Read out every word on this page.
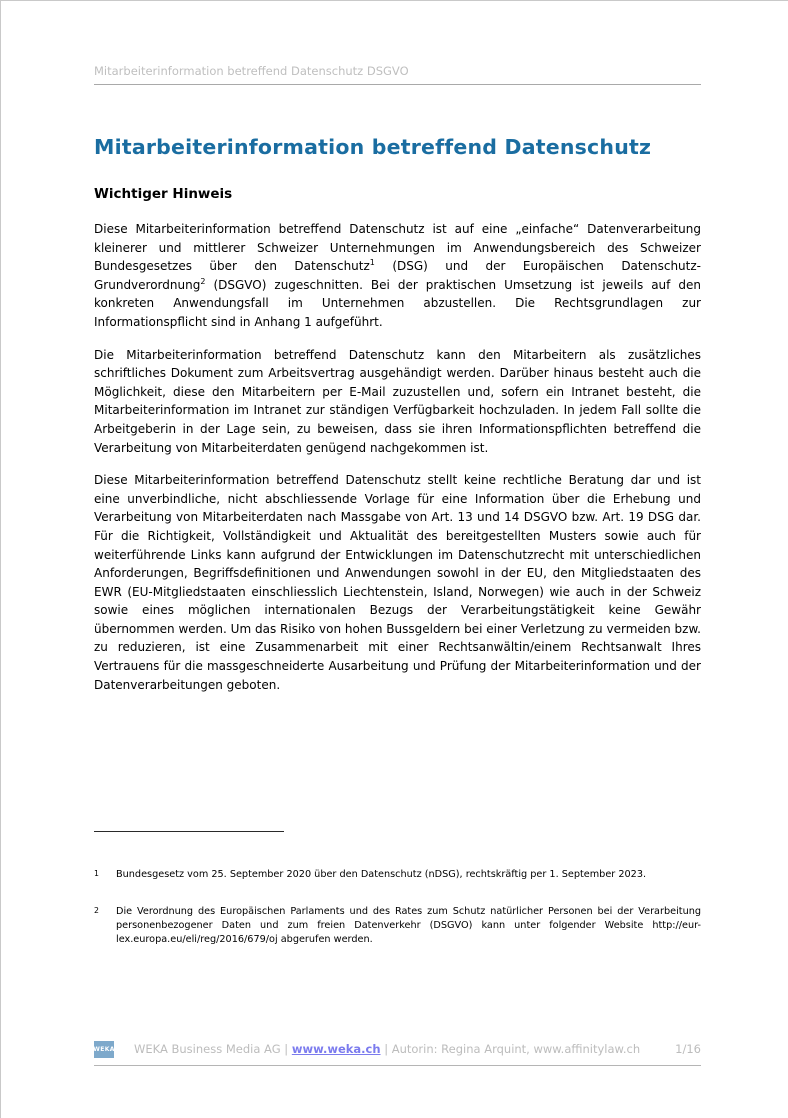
Mitarbeiterinformation betreffend Datenschutz DSGVO
Mitarbeiterinformation betreffend Datenschutz
Wichtiger Hinweis

Diese Mitarbeiterinformation betreffend Datenschutz ist auf eine „einfache“ Datenverarbeitung kleinerer und mittlerer Schweizer Unternehmungen im Anwendungsbereich des Schweizer Bundesgesetzes über den Datenschutz$^1$ (DSG) und der Europäischen Datenschutz-Grundverordnung$^2$ (DSGVO) zugeschnitten. Bei der praktischen Umsetzung ist jeweils auf den konkreten Anwendungsfall im Unternehmen abzustellen. Die Rechtsgrundlagen zur Informationspflicht sind in Anhang 1 aufgeführt.

Die Mitarbeiterinformation betreffend Datenschutz kann den Mitarbeitern als zusätzliches schriftliches Dokument zum Arbeitsvertrag ausgehändigt werden. Darüber hinaus besteht auch die Möglichkeit, diese den Mitarbeitern per E-Mail zuzustellen und, sofern ein Intranet besteht, die Mitarbeiterinformation im Intranet zur ständigen Verfügbarkeit hochzuladen. In jedem Fall sollte die Arbeitgeberin in der Lage sein, zu beweisen, dass sie ihren Informationspflichten betreffend die Verarbeitung von Mitarbeiterdaten genügend nachgekommen ist.

Diese Mitarbeiterinformation betreffend Datenschutz stellt keine rechtliche Beratung dar und ist eine unverbindliche, nicht abschliessende Vorlage für eine Information über die Erhebung und Verarbeitung von Mitarbeiterdaten nach Massgabe von Art. 13 und 14 DSGVO bzw. Art. 19 DSG dar. Für die Richtigkeit, Vollständigkeit und Aktualität des bereitgestellten Musters sowie auch für weiterführende Links kann aufgrund der Entwicklungen im Datenschutzrecht mit unterschiedlichen Anforderungen, Begriffsdefinitionen und Anwendungen sowohl in der EU, den Mitgliedstaaten des EWR (EU-Mitgliedstaaten einschliesslich Liechtenstein, Island, Norwegen) wie auch in der Schweiz sowie eines möglichen internationalen Bezugs der Verarbeitungstätigkeit keine Gewähr übernommen werden. Um das Risiko von hohen Bussgeldern bei einer Verletzung zu vermeiden bzw. zu reduzieren, ist eine Zusammenarbeit mit einer Rechtsanwältin/einem Rechtsanwalt Ihres Vertrauens für die massgeschneiderte Ausarbeitung und Prüfung der Mitarbeiterinformation und der Datenverarbeitungen geboten.

1	Bundesgesetz vom 25. September 2020 über den Datenschutz (nDSG), rechtskräftig per 1. September 2023.
2	Die Verordnung des Europäischen Parlaments und des Rates zum Schutz natürlicher Personen bei der Verarbeitung personenbezogener Daten und zum freien Datenverkehr (DSGVO) kann unter folgender Website http://eur-lex.europa.eu/eli/reg/2016/679/oj abgerufen werden.
WEKA WEKA Business Media AG | www.weka.ch | Autorin: Regina Arquint, www.affinitylaw.ch	1/16
